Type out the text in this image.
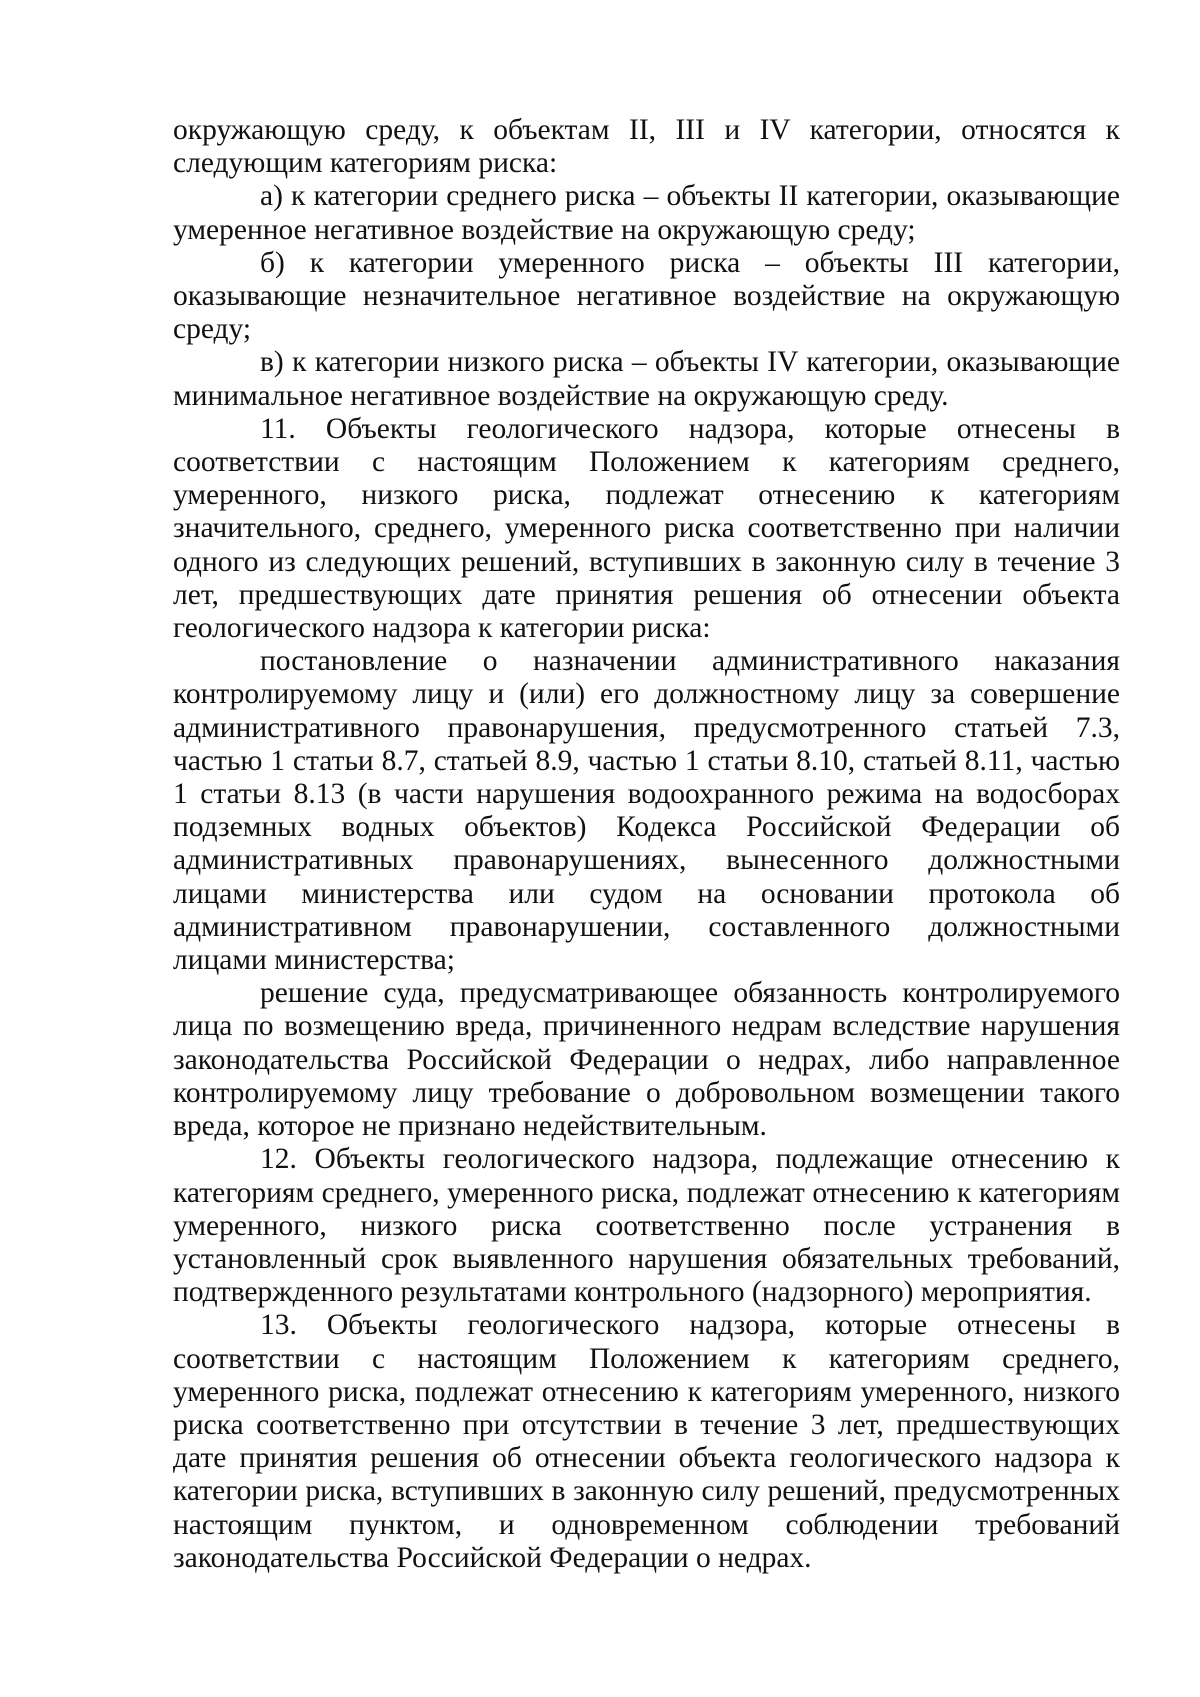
окружающую среду, к объектам II, III и IV категории, относятся к следующим категориям риска:

а) к категории среднего риска – объекты II категории, оказывающие умеренное негативное воздействие на окружающую среду;

б) к категории умеренного риска – объекты III категории, оказывающие незначительное негативное воздействие на окружающую среду;

в) к категории низкого риска – объекты IV категории, оказывающие минимальное негативное воздействие на окружающую среду.

11. Объекты геологического надзора, которые отнесены в соответствии с настоящим Положением к категориям среднего, умеренного, низкого риска, подлежат отнесению к категориям значительного, среднего, умеренного риска соответственно при наличии одного из следующих решений, вступивших в законную силу в течение 3 лет, предшествующих дате принятия решения об отнесении объекта геологического надзора к категории риска:

постановление о назначении административного наказания контролируемому лицу и (или) его должностному лицу за совершение административного правонарушения, предусмотренного статьей 7.3, частью 1 статьи 8.7, статьей 8.9, частью 1 статьи 8.10, статьей 8.11, частью 1 статьи 8.13 (в части нарушения водоохранного режима на водосборах подземных водных объектов) Кодекса Российской Федерации об административных правонарушениях, вынесенного должностными лицами министерства или судом на основании протокола об административном правонарушении, составленного должностными лицами министерства;

решение суда, предусматривающее обязанность контролируемого лица по возмещению вреда, причиненного недрам вследствие нарушения законодательства Российской Федерации о недрах, либо направленное контролируемому лицу требование о добровольном возмещении такого вреда, которое не признано недействительным.

12. Объекты геологического надзора, подлежащие отнесению к категориям среднего, умеренного риска, подлежат отнесению к категориям умеренного, низкого риска соответственно после устранения в установленный срок выявленного нарушения обязательных требований, подтвержденного результатами контрольного (надзорного) мероприятия.

13. Объекты геологического надзора, которые отнесены в соответствии с настоящим Положением к категориям среднего, умеренного риска, подлежат отнесению к категориям умеренного, низкого риска соответственно при отсутствии в течение 3 лет, предшествующих дате принятия решения об отнесении объекта геологического надзора к категории риска, вступивших в законную силу решений, предусмотренных настоящим пунктом, и одновременном соблюдении требований законодательства Российской Федерации о недрах.
